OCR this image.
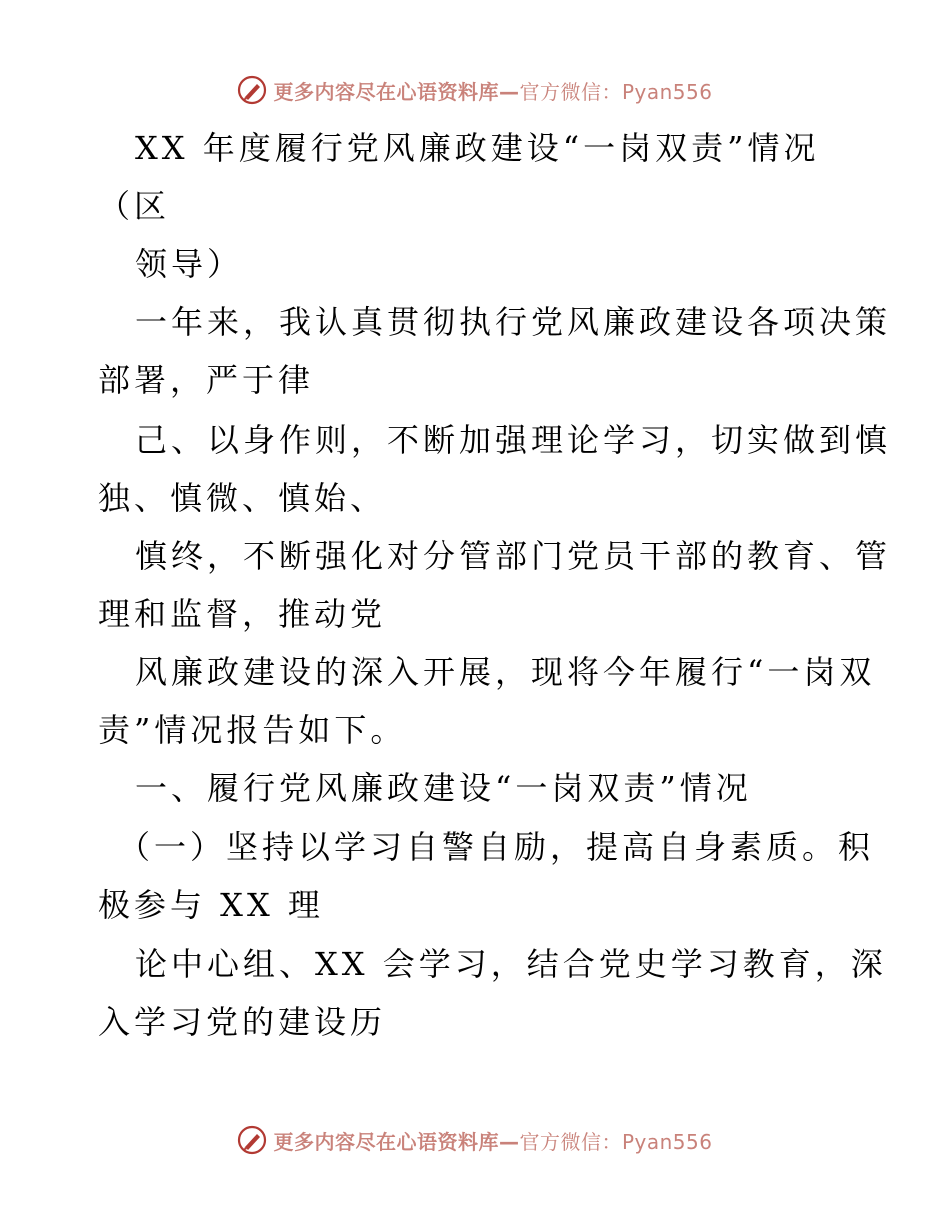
更多内容尽在心语资料库—官方微信：Pyan556
XX 年度履行党风廉政建设“一岗双责”情况
（区
领导）
一年来，我认真贯彻执行党风廉政建设各项决策
部署，严于律
己、以身作则，不断加强理论学习，切实做到慎
独、慎微、慎始、
慎终，不断强化对分管部门党员干部的教育、管
理和监督，推动党
风廉政建设的深入开展，现将今年履行“一岗双
责”情况报告如下。
一、履行党风廉政建设“一岗双责”情况
（一）坚持以学习自警自励，提高自身素质。积
极参与 XX 理
论中心组、XX 会学习，结合党史学习教育，深
入学习党的建设历
更多内容尽在心语资料库—官方微信：Pyan556
